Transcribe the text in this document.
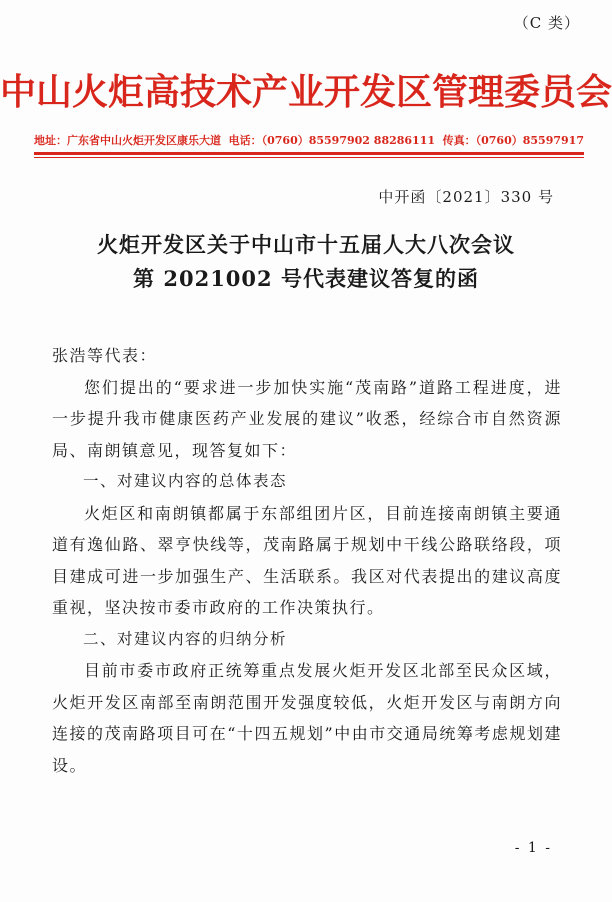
（C 类）
中山火炬高技术产业开发区管理委员会
地址：广东省中山火炬开发区康乐大道 电话：（0760）85597902 88286111 传真：（0760）85597917
中开函〔2021〕330 号
火炬开发区关于中山市十五届人大八次会议
第 2021002 号代表建议答复的函

张浩等代表：

您们提出的“要求进一步加快实施“茂南路”道路工程进度，进一步提升我市健康医药产业发展的建议”收悉，经综合市自然资源局、南朗镇意见，现答复如下：

一、对建议内容的总体表态

火炬区和南朗镇都属于东部组团片区，目前连接南朗镇主要通道有逸仙路、翠亨快线等，茂南路属于规划中干线公路联络段，项目建成可进一步加强生产、生活联系。我区对代表提出的建议高度重视，坚决按市委市政府的工作决策执行。

二、对建议内容的归纳分析

目前市委市政府正统筹重点发展火炬开发区北部至民众区域，火炬开发区南部至南朗范围开发强度较低，火炬开发区与南朗方向连接的茂南路项目可在“十四五规划”中由市交通局统筹考虑规划建设。

- 1 -
